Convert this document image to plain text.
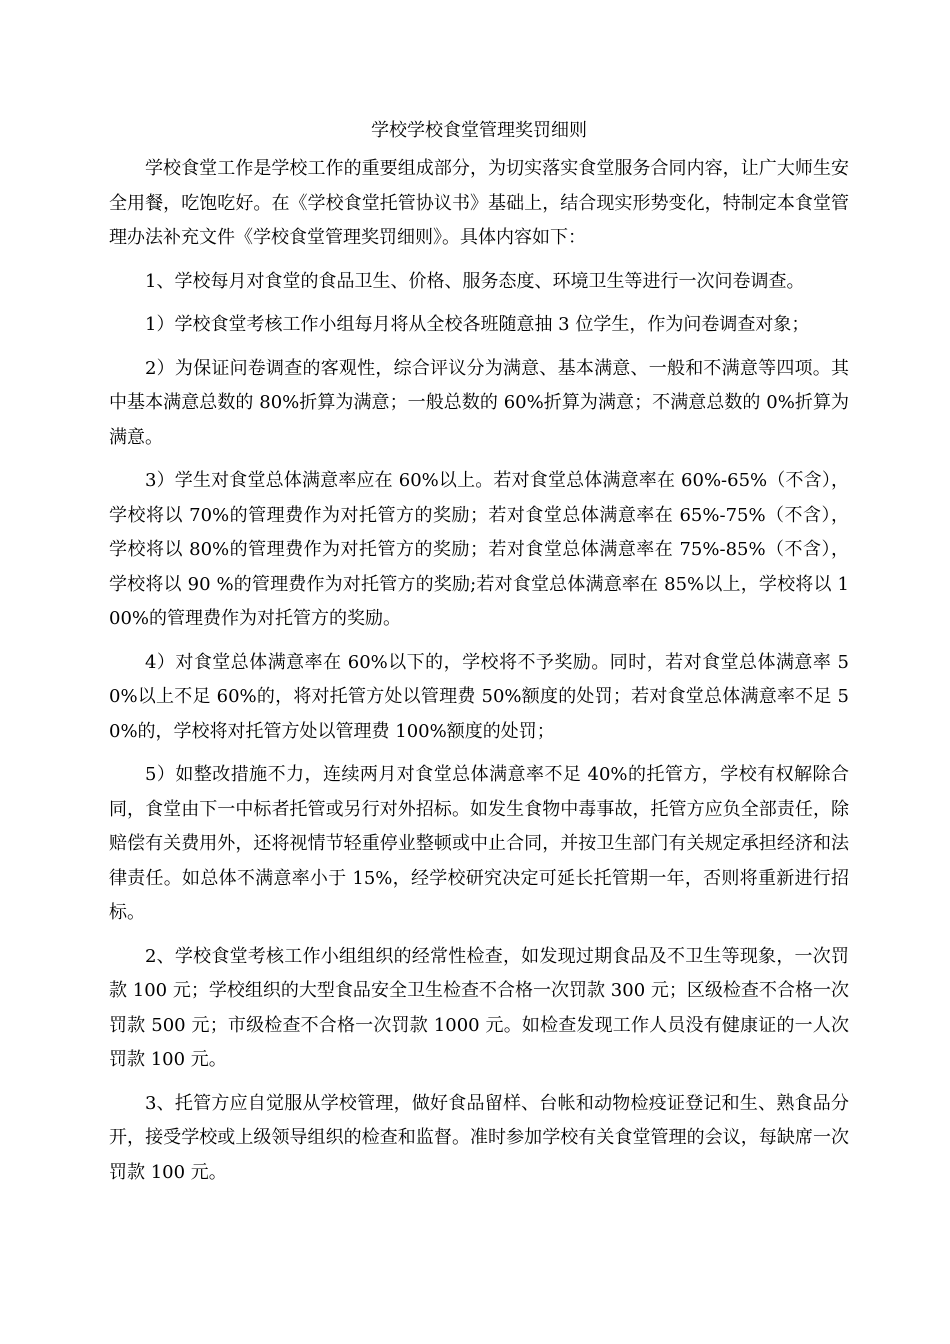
学校学校食堂管理奖罚细则

学校食堂工作是学校工作的重要组成部分，为切实落实食堂服务合同内容，让广大师生安全用餐，吃饱吃好。在《学校食堂托管协议书》基础上，结合现实形势变化，特制定本食堂管理办法补充文件《学校食堂管理奖罚细则》。具体内容如下：

1、学校每月对食堂的食品卫生、价格、服务态度、环境卫生等进行一次问卷调查。

1）学校食堂考核工作小组每月将从全校各班随意抽 3 位学生，作为问卷调查对象；

2）为保证问卷调查的客观性，综合评议分为满意、基本满意、一般和不满意等四项。其中基本满意总数的 80%折算为满意；一般总数的 60%折算为满意；不满意总数的 0%折算为满意。

3）学生对食堂总体满意率应在 60%以上。若对食堂总体满意率在 60%-65%（不含），学校将以 70%的管理费作为对托管方的奖励；若对食堂总体满意率在 65%-75%（不含），学校将以 80%的管理费作为对托管方的奖励；若对食堂总体满意率在 75%-85%（不含），学校将以 90 %的管理费作为对托管方的奖励;若对食堂总体满意率在 85%以上，学校将以 100%的管理费作为对托管方的奖励。

4）对食堂总体满意率在 60%以下的，学校将不予奖励。同时，若对食堂总体满意率 50%以上不足 60%的，将对托管方处以管理费 50%额度的处罚；若对食堂总体满意率不足 50%的，学校将对托管方处以管理费 100%额度的处罚；

5）如整改措施不力，连续两月对食堂总体满意率不足 40%的托管方，学校有权解除合同，食堂由下一中标者托管或另行对外招标。如发生食物中毒事故，托管方应负全部责任，除赔偿有关费用外，还将视情节轻重停业整顿或中止合同，并按卫生部门有关规定承担经济和法律责任。如总体不满意率小于 15%，经学校研究决定可延长托管期一年，否则将重新进行招标。

2、学校食堂考核工作小组组织的经常性检查，如发现过期食品及不卫生等现象，一次罚款 100 元；学校组织的大型食品安全卫生检查不合格一次罚款 300 元；区级检查不合格一次罚款 500 元；市级检查不合格一次罚款 1000 元。如检查发现工作人员没有健康证的一人次罚款 100 元。

3、托管方应自觉服从学校管理，做好食品留样、台帐和动物检疫证登记和生、熟食品分开，接受学校或上级领导组织的检查和监督。准时参加学校有关食堂管理的会议，每缺席一次罚款 100 元。
